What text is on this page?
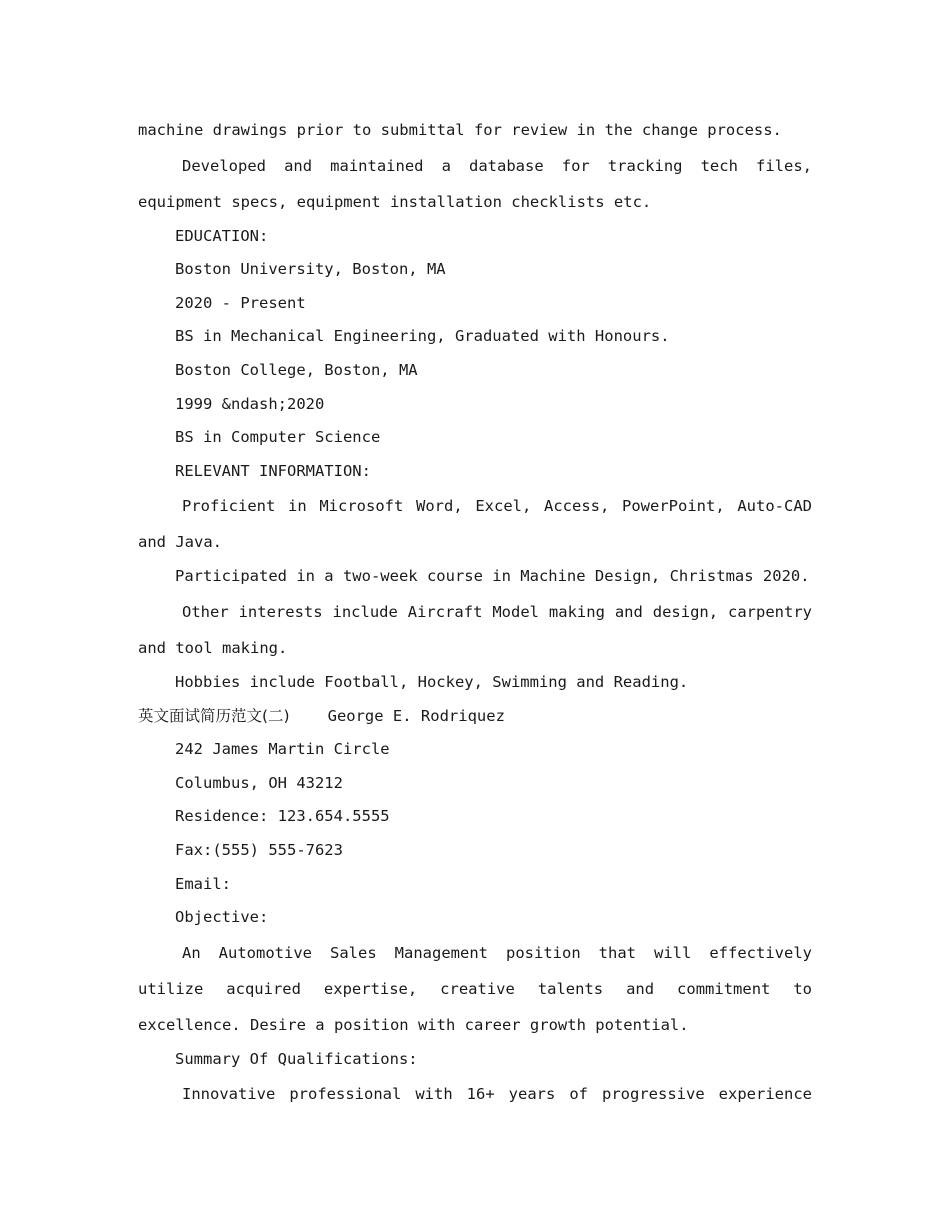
machine drawings prior to submittal for review in the change process.

Developed and maintained a database for tracking tech files, equipment specs, equipment installation checklists etc.

EDUCATION:

Boston University, Boston, MA

2020 - Present

BS in Mechanical Engineering, Graduated with Honours.

Boston College, Boston, MA

1999 &ndash;2020

BS in Computer Science

RELEVANT INFORMATION:

Proficient in Microsoft Word, Excel, Access, PowerPoint, Auto-CAD and Java.

Participated in a two-week course in Machine Design, Christmas 2020.

Other interests include Aircraft Model making and design, carpentry and tool making.

Hobbies include Football, Hockey, Swimming and Reading.

英文面试简历范文(二) George E. Rodriquez

242 James Martin Circle

Columbus, OH 43212

Residence: 123.654.5555

Fax:(555) 555-7623

Email:

Objective:

An Automotive Sales Management position that will effectively utilize acquired expertise, creative talents and commitment to excellence. Desire a position with career growth potential.

Summary Of Qualifications:

Innovative professional with 16+ years of progressive experience
